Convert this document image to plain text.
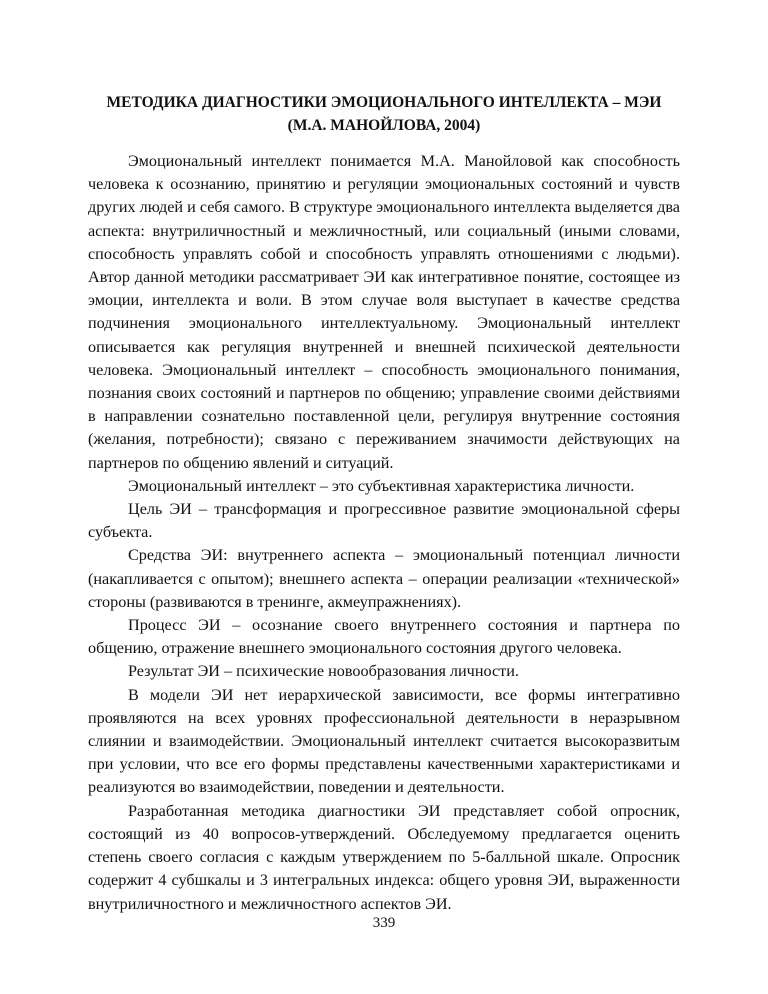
МЕТОДИКА ДИАГНОСТИКИ ЭМОЦИОНАЛЬНОГО ИНТЕЛЛЕКТА – МЭИ
(М.А. МАНОЙЛОВА, 2004)

Эмоциональный интеллект понимается М.А. Манойловой как способность человека к осознанию, принятию и регуляции эмоциональных состояний и чувств других людей и себя самого. В структуре эмоционального интеллекта выделяется два аспекта: внутриличностный и межличностный, или социальный (иными словами, способность управлять собой и способность управлять отношениями с людьми). Автор данной методики рассматривает ЭИ как интегративное понятие, состоящее из эмоции, интеллекта и воли. В этом случае воля выступает в качестве средства подчинения эмоционального интеллектуальному. Эмоциональный интеллект описывается как регуляция внутренней и внешней психической деятельности человека. Эмоциональный интеллект – способность эмоционального понимания, познания своих состояний и партнеров по общению; управление своими действиями в направлении сознательно поставленной цели, регулируя внутренние состояния (желания, потребности); связано с переживанием значимости действующих на партнеров по общению явлений и ситуаций.

Эмоциональный интеллект – это субъективная характеристика личности.

Цель ЭИ – трансформация и прогрессивное развитие эмоциональной сферы субъекта.

Средства ЭИ: внутреннего аспекта – эмоциональный потенциал личности (накапливается с опытом); внешнего аспекта – операции реализации «технической» стороны (развиваются в тренинге, акмеупражнениях).

Процесс ЭИ – осознание своего внутреннего состояния и партнера по общению, отражение внешнего эмоционального состояния другого человека.

Результат ЭИ – психические новообразования личности.

В модели ЭИ нет иерархической зависимости, все формы интегративно проявляются на всех уровнях профессиональной деятельности в неразрывном слиянии и взаимодействии. Эмоциональный интеллект считается высокоразвитым при условии, что все его формы представлены качественными характеристиками и реализуются во взаимодействии, поведении и деятельности.

Разработанная методика диагностики ЭИ представляет собой опросник, состоящий из 40 вопросов-утверждений. Обследуемому предлагается оценить степень своего согласия с каждым утверждением по 5-балльной шкале. Опросник содержит 4 субшкалы и 3 интегральных индекса: общего уровня ЭИ, выраженности внутриличностного и межличностного аспектов ЭИ.

339
